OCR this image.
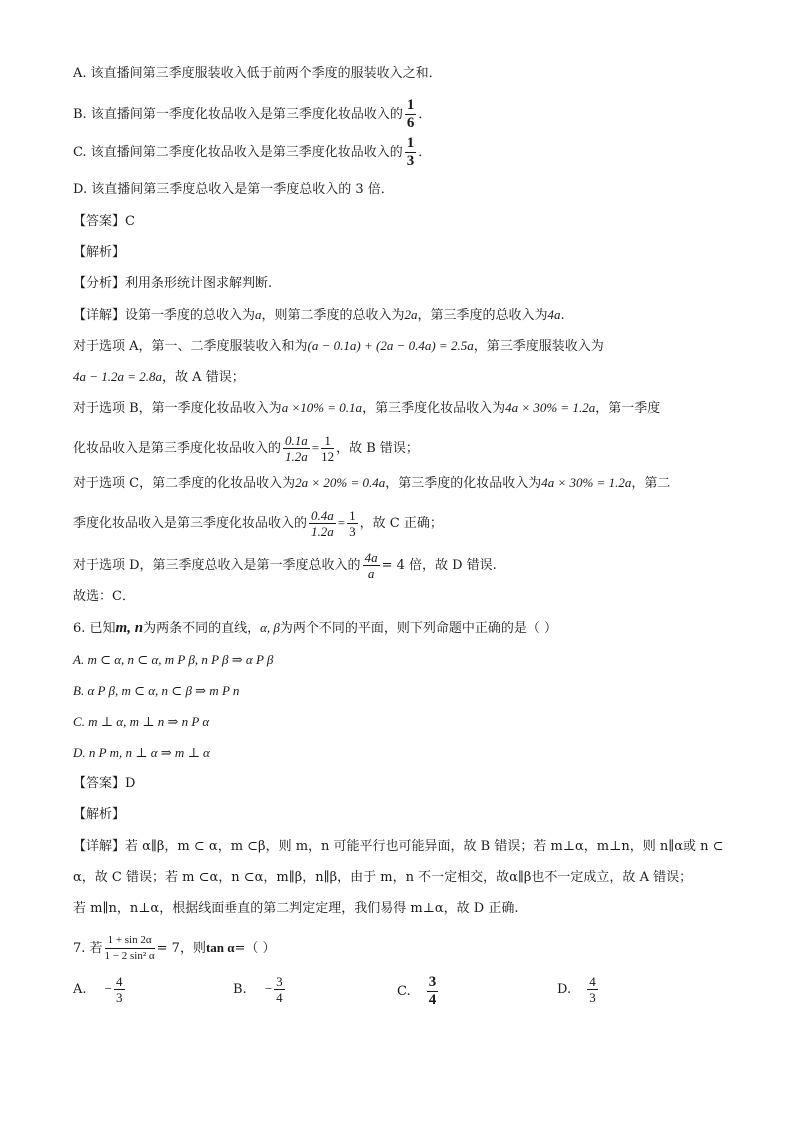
A. 该直播间第三季度服装收入低于前两个季度的服装收入之和．
B. 该直播间第一季度化妆品收入是第三季度化妆品收入的 $\frac{1}{6}$ ．
C. 该直播间第二季度化妆品收入是第三季度化妆品收入的 $\frac{1}{3}$ ．
D. 该直播间第三季度总收入是第一季度总收入的 3 倍．
【答案】C
【解析】
【分析】利用条形统计图求解判断.
【详解】设第一季度的总收入为a，则第二季度的总收入为2a，第三季度的总收入为4a.
对于选项 A，第一、二季度服装收入和为(a − 0.1a) + (2a − 0.4a) = 2.5a，第三季度服装收入为
4a − 1.2a = 2.8a，故 A 错误；
对于选项 B，第一季度化妆品收入为a ×10% = 0.1a，第三季度化妆品收入为4a × 30% = 1.2a，第一季度
化妆品收入是第三季度化妆品收入的 $\frac{0.1a}{1.2a} = \frac{1}{12}$ ，故 B 错误；
对于选项 C，第二季度的化妆品收入为2a × 20% = 0.4a，第三季度的化妆品收入为4a × 30% = 1.2a，第二
季度化妆品收入是第三季度化妆品收入的 $\frac{0.4a}{1.2a} = \frac{1}{3}$ ，故 C 正确；
对于选项 D，第三季度总收入是第一季度总收入的 $\frac{4a}{a} = 4$ 倍，故 D 错误.
故选：C．
6. 已知m, n为两条不同的直线，α, β为两个不同的平面，则下列命题中正确的是（ ）
A. m ⊂ α, n ⊂ α, m P β, n P β ⇒ α P β
B. α P β, m ⊂ α, n ⊂ β ⇒ m P n
C. m ⊥ α, m ⊥ n ⇒ n P α
D. n P m, n ⊥ α ⇒ m ⊥ α
【答案】D
【解析】
【详解】若 α∥β，m ⊂ α，m ⊂β，则 m，n 可能平行也可能异面，故 B 错误；若 m⊥α，m⊥n，则 n∥α或 n ⊂
α，故 C 错误；若 m ⊂α，n ⊂α，m∥β，n∥β，由于 m，n 不一定相交，故α∥β也不一定成立，故 A 错误；
若 m∥n，n⊥α，根据线面垂直的第二判定定理，我们易得 m⊥α，故 D 正确.
7. 若 $\frac{1 + \sin 2\alpha}{\text{1 − 2 sin² α}} = 7$，则tan α=（ ）
A. − $\frac{4}{3}$	B. − $\frac{3}{4}$	C. $\frac{3}{4}$	D. $\frac{4}{3}$
